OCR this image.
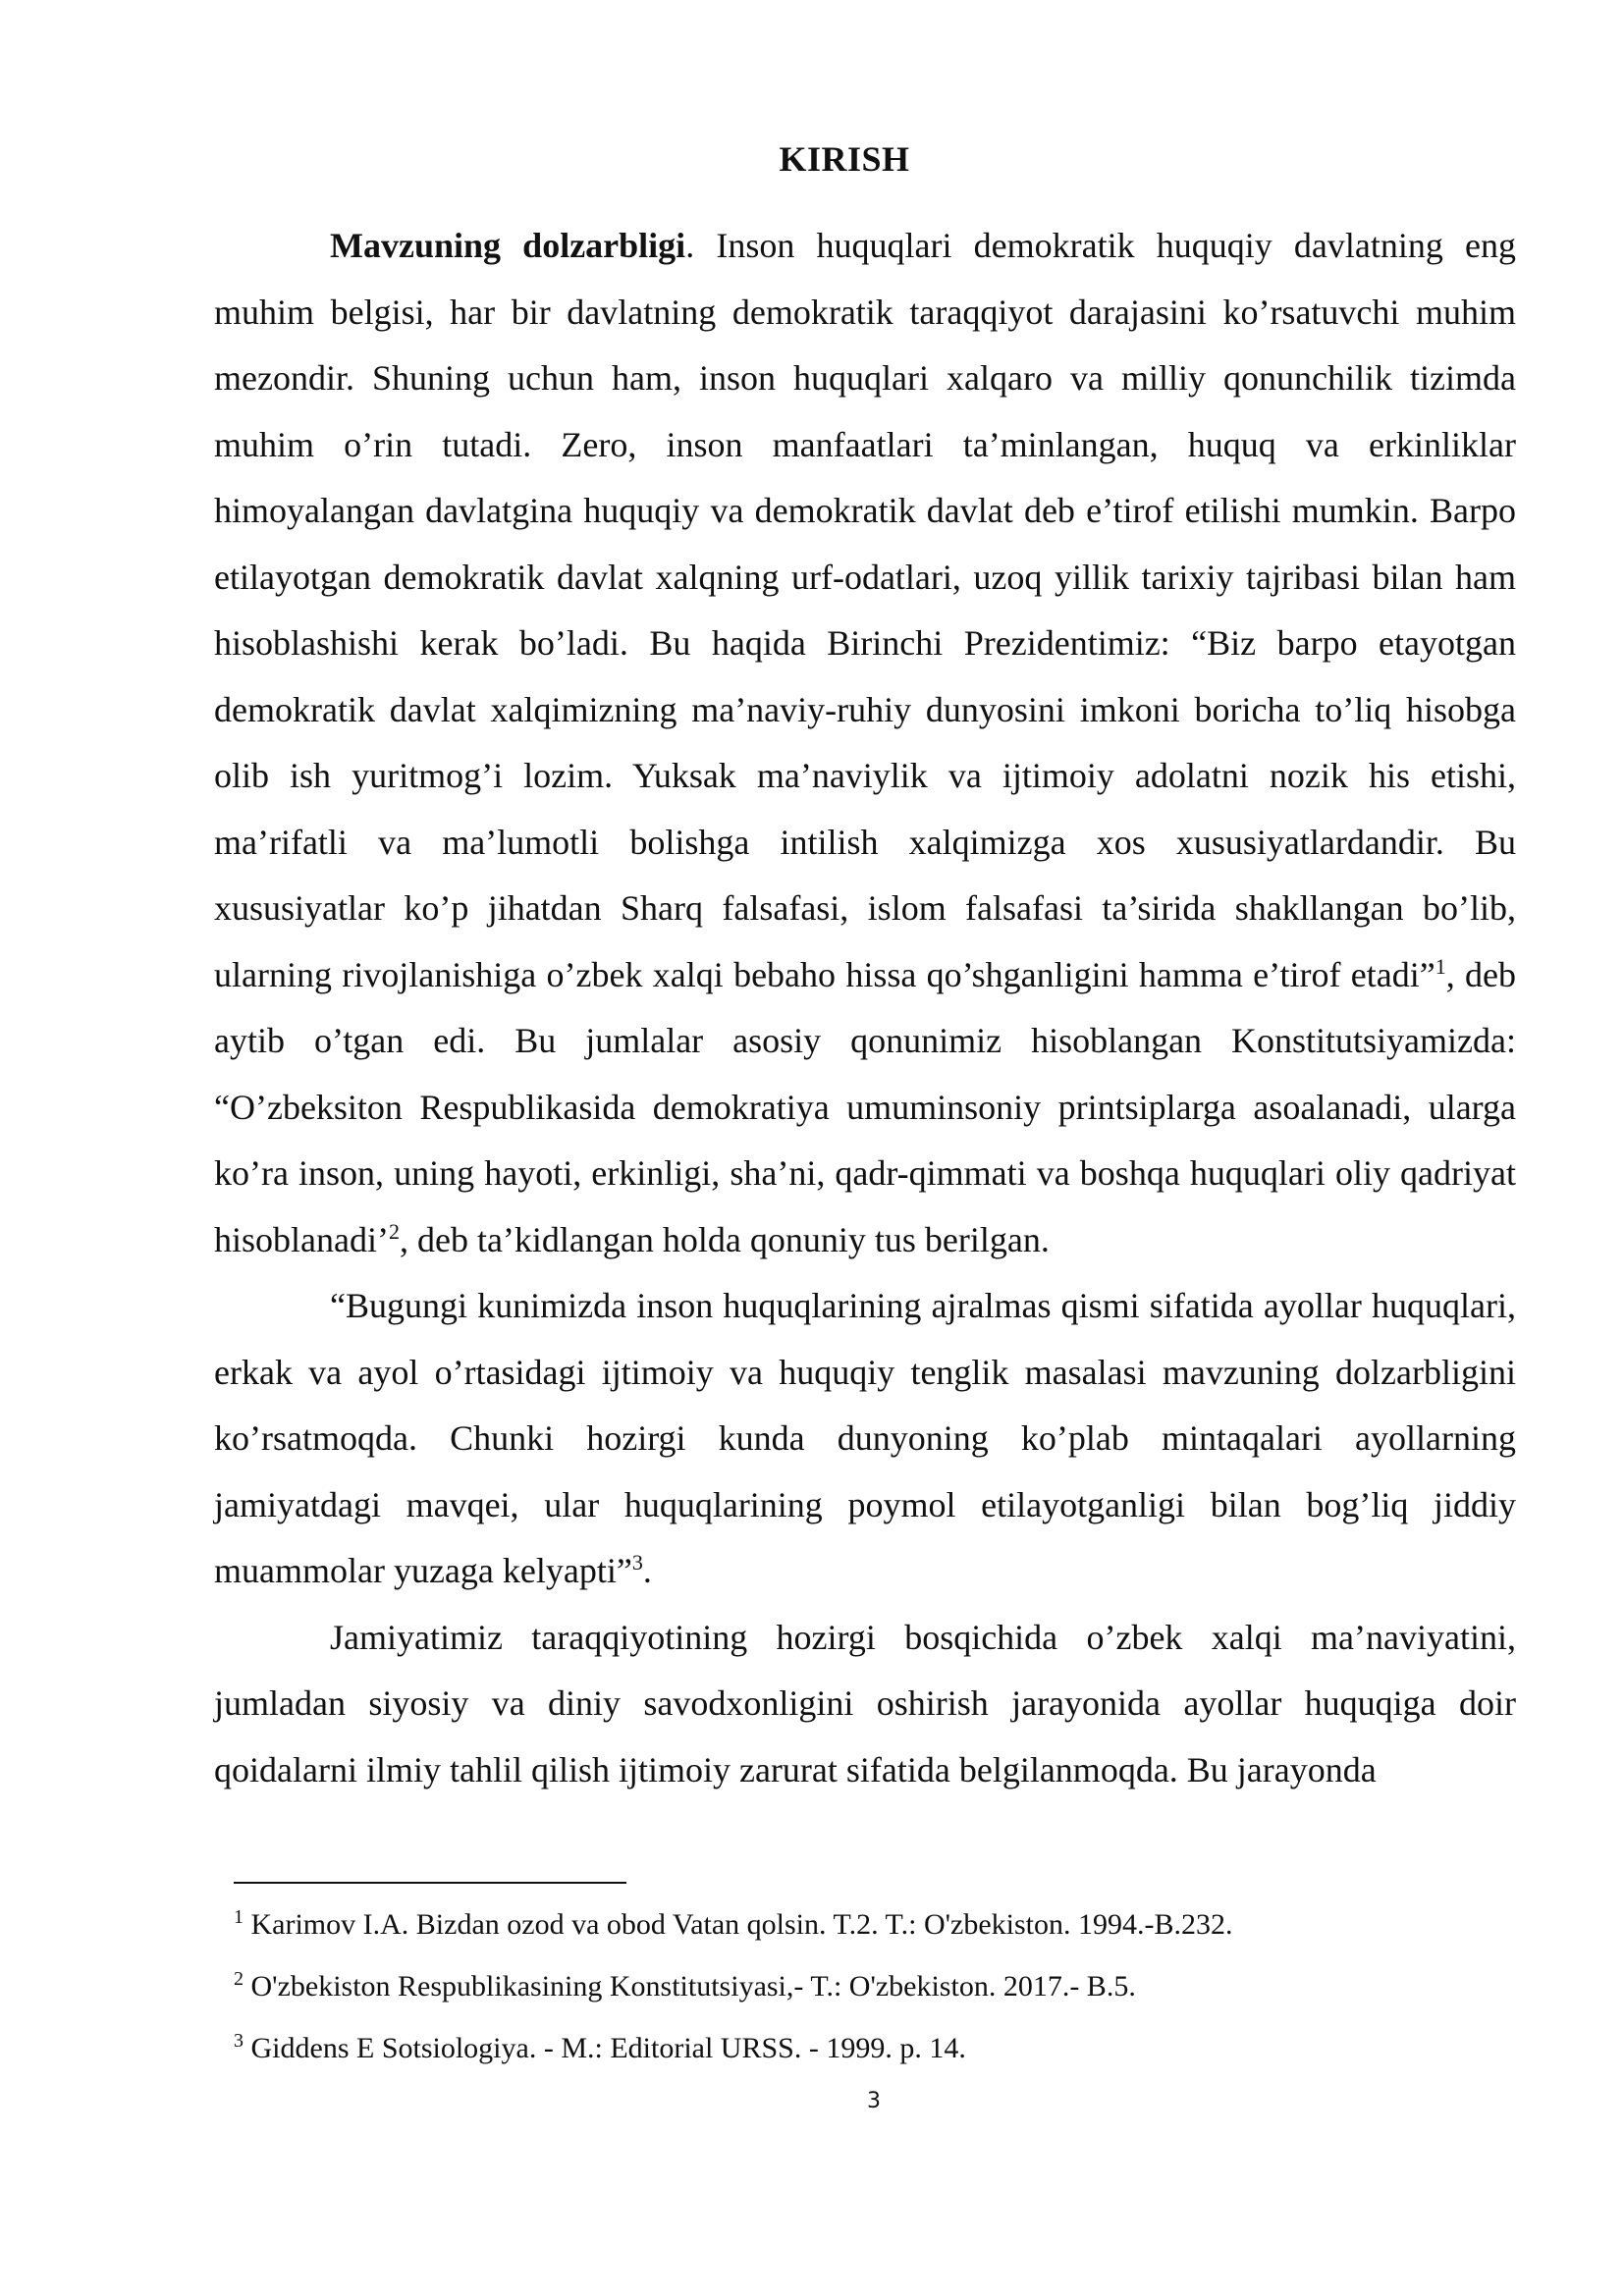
KIRISH

Mavzuning dolzarbligi. Inson huquqlari demokratik huquqiy davlatning eng muhim belgisi, har bir davlatning demokratik taraqqiyot darajasini ko’rsatuvchi muhim mezondir. Shuning uchun ham, inson huquqlari xalqaro va milliy qonunchilik tizimda muhim o’rin tutadi. Zero, inson manfaatlari ta’minlangan, huquq va erkinliklar himoyalangan davlatgina huquqiy va demokratik davlat deb e’tirof etilishi mumkin. Barpo etilayotgan demokratik davlat xalqning urf-odatlari, uzoq yillik tarixiy tajribasi bilan ham hisoblashishi kerak bo’ladi. Bu haqida Birinchi Prezidentimiz: “Biz barpo etayotgan demokratik davlat xalqimizning ma’naviy-ruhiy dunyosini imkoni boricha to’liq hisobga olib ish yuritmog’i lozim. Yuksak ma’naviylik va ijtimoiy adolatni nozik his etishi, ma’rifatli va ma’lumotli bolishga intilish xalqimizga xos xususiyatlardandir. Bu xususiyatlar ko’p jihatdan Sharq falsafasi, islom falsafasi ta’sirida shakllangan bo’lib, ularning rivojlanishiga o’zbek xalqi bebaho hissa qo’shganligini hamma e’tirof etadi”$^1$, deb aytib o’tgan edi. Bu jumlalar asosiy qonunimiz hisoblangan Konstitutsiyamizda: “O’zbeksiton Respublikasida demokratiya umuminsoniy printsiplarga asoalanadi, ularga ko’ra inson, uning hayoti, erkinligi, sha’ni, qadr-qimmati va boshqa huquqlari oliy qadriyat hisoblanadi’$^2$, deb ta’kidlangan holda qonuniy tus berilgan.

“Bugungi kunimizda inson huquqlarining ajralmas qismi sifatida ayollar huquqlari, erkak va ayol o’rtasidagi ijtimoiy va huquqiy tenglik masalasi mavzuning dolzarbligini ko’rsatmoqda. Chunki hozirgi kunda dunyoning ko’plab mintaqalari ayollarning jamiyatdagi mavqei, ular huquqlarining poymol etilayotganligi bilan bog’liq jiddiy muammolar yuzaga kelyapti”$^3$.

Jamiyatimiz taraqqiyotining hozirgi bosqichida o’zbek xalqi ma’naviyatini, jumladan siyosiy va diniy savodxonligini oshirish jarayonida ayollar huquqiga doir qoidalarni ilmiy tahlil qilish ijtimoiy zarurat sifatida belgilanmoqda. Bu jarayonda

$^1$ Karimov I.A. Bizdan ozod va obod Vatan qolsin. T.2. T.: O'zbekiston. 1994.-B.232.
$^2$ O'zbekiston Respublikasining Konstitutsiyasi,- T.: O'zbekiston. 2017.- B.5.
$^3$ Giddens E Sotsiologiya. - M.: Editorial URSS. - 1999. p. 14.
3
